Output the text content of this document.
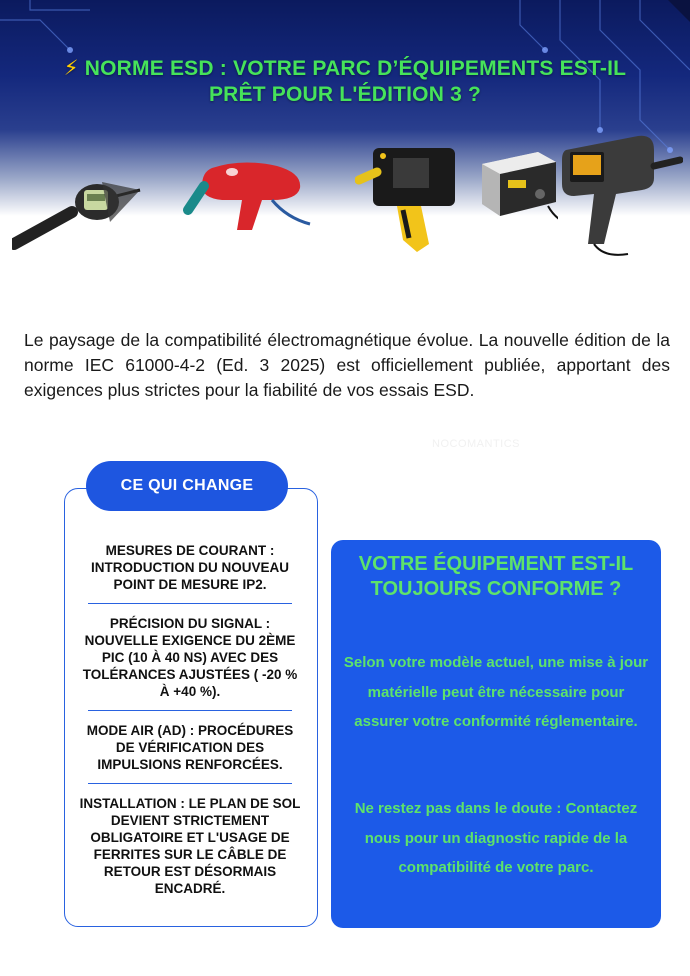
⚡ NORME ESD : VOTRE PARC D’ÉQUIPEMENTS EST-IL
PRÊT POUR L'ÉDITION 3 ?

Le paysage de la compatibilité électromagnétique évolue. La nouvelle édition de la norme IEC 61000-4-2 (Ed. 3 2025) est officiellement publiée, apportant des exigences plus strictes pour la fiabilité de vos essais ESD.

NOCOMANTICS
CE QUI CHANGE
MESURES DE COURANT : INTRODUCTION DU NOUVEAU POINT DE MESURE IP2.
PRÉCISION DU SIGNAL : NOUVELLE EXIGENCE DU 2ÈME PIC (10 À 40 NS) AVEC DES TOLÉRANCES AJUSTÉES ( -20 % À +40 %).
MODE AIR (AD) : PROCÉDURES DE VÉRIFICATION DES IMPULSIONS RENFORCÉES.
INSTALLATION : LE PLAN DE SOL DEVIENT STRICTEMENT OBLIGATOIRE ET L'USAGE DE FERRITES SUR LE CÂBLE DE RETOUR EST DÉSORMAIS ENCADRÉ.
VOTRE ÉQUIPEMENT EST-IL TOUJOURS CONFORME ?
Selon votre modèle actuel, une mise à jour matérielle peut être nécessaire pour assurer votre conformité réglementaire.
Ne restez pas dans le doute : Contactez nous pour un diagnostic rapide de la compatibilité de votre parc.
